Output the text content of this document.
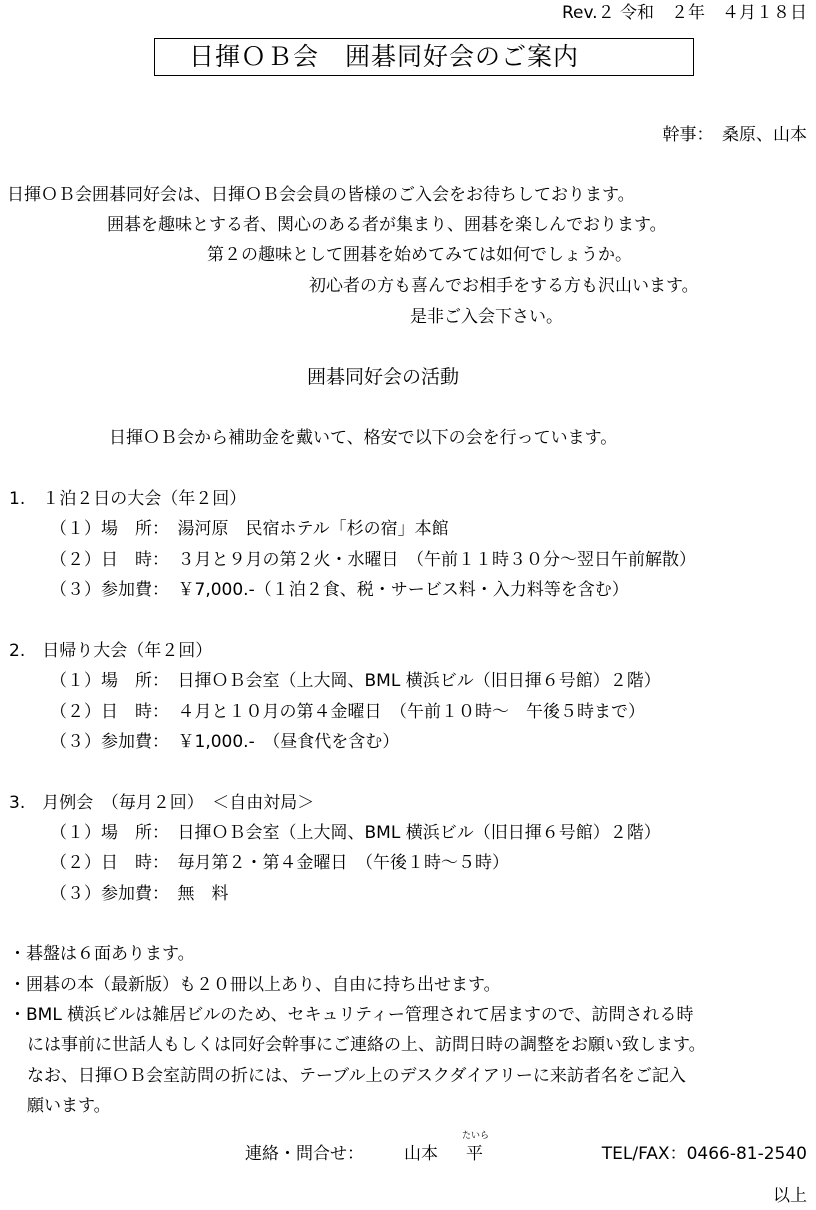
Rev.２ 令和　２年　４月１８日
日揮ＯＢ会　囲碁同好会のご案内
幹事：　桑原、山本
日揮ＯＢ会囲碁同好会は、日揮ＯＢ会会員の皆様のご入会をお待ちしております。
囲碁を趣味とする者、関心のある者が集まり、囲碁を楽しんでおります。
第２の趣味として囲碁を始めてみては如何でしょうか。
初心者の方も喜んでお相手をする方も沢山います。
是非ご入会下さい。
囲碁同好会の活動
日揮ＯＢ会から補助金を戴いて、格安で以下の会を行っています。
1.　１泊２日の大会（年２回）
（１）場　所：　湯河原　民宿ホテル「杉の宿」本館
（２）日　時：　３月と９月の第２火・水曜日　（午前１１時３０分～翌日午前解散）
（３）参加費：　￥7,000.-（１泊２食、税・サービス料・入力料等を含む）
2.　日帰り大会（年２回）
（１）場　所：　日揮ＯＢ会室（上大岡、BML 横浜ビル（旧日揮６号館）２階）
（２）日　時：　４月と１０月の第４金曜日　（午前１０時～　午後５時まで）
（３）参加費：　￥1,000.-　（昼食代を含む）
3.　月例会　（毎月２回）　＜自由対局＞
（１）場　所：　日揮ＯＢ会室（上大岡、BML 横浜ビル（旧日揮６号館）２階）
（２）日　時：　毎月第２・第４金曜日　（午後１時～５時）
（３）参加費：　無　料
・碁盤は６面あります。
・囲碁の本（最新版）も２０冊以上あり、自由に持ち出せます。
・BML 横浜ビルは雑居ビルのため、セキュリティー管理されて居ますので、訪問される時
には事前に世話人もしくは同好会幹事にご連絡の上、訪問日時の調整をお願い致します。
なお、日揮ＯＢ会室訪問の折には、テーブル上のデスクダイアリーに来訪者名をご記入
願います。
連絡・問合せ： 山本
たいら
平	TEL/FAX：0466-81-2540
以上
